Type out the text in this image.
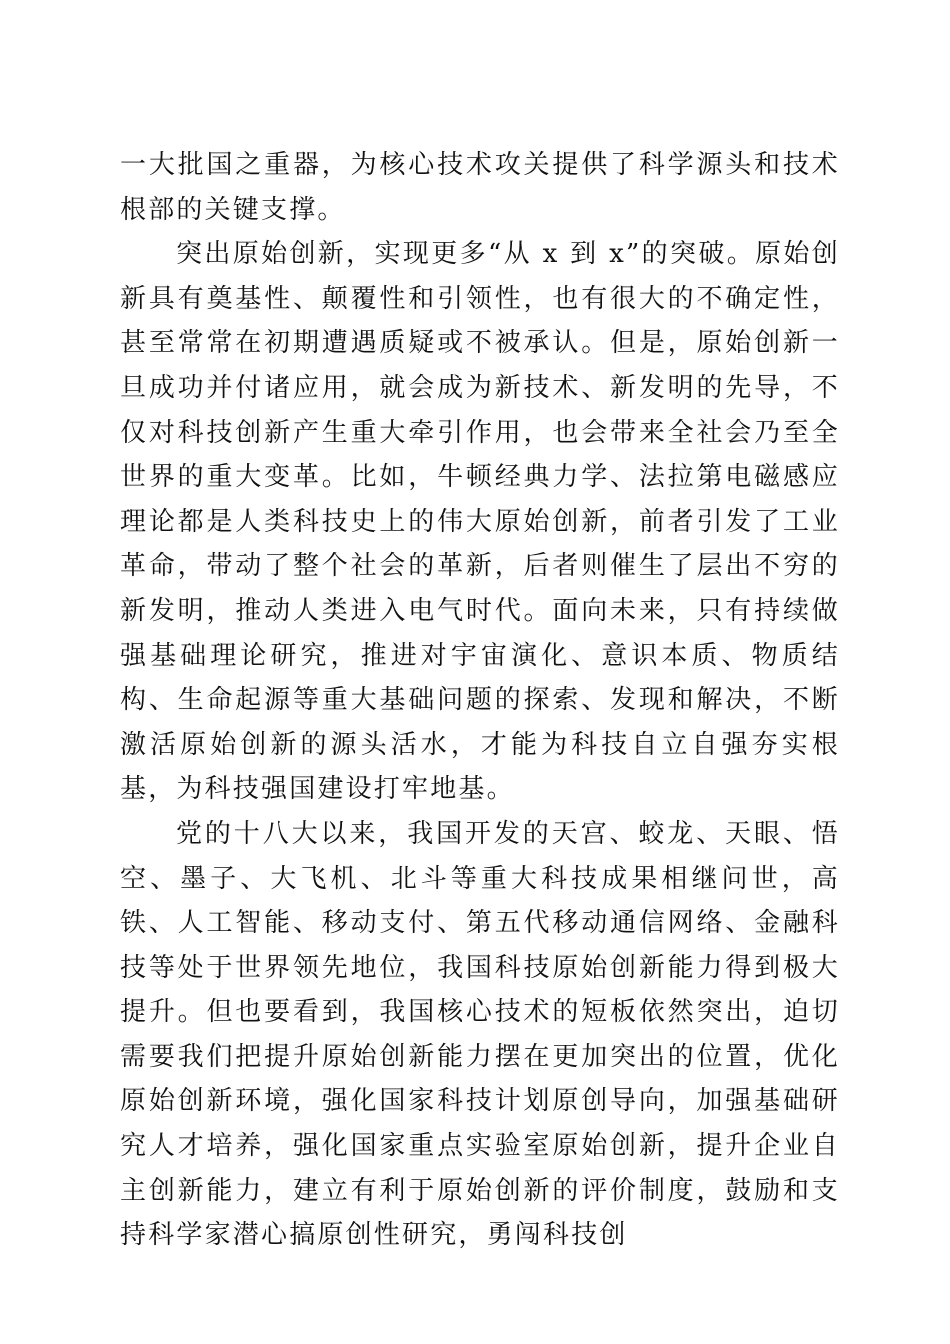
一大批国之重器，为核心技术攻关提供了科学源头和技术根部的关键支撑。

突出原始创新，实现更多“从 x 到 x”的突破。原始创新具有奠基性、颠覆性和引领性，也有很大的不确定性，甚至常常在初期遭遇质疑或不被承认。但是，原始创新一旦成功并付诸应用，就会成为新技术、新发明的先导，不仅对科技创新产生重大牵引作用，也会带来全社会乃至全世界的重大变革。比如，牛顿经典力学、法拉第电磁感应理论都是人类科技史上的伟大原始创新，前者引发了工业革命，带动了整个社会的革新，后者则催生了层出不穷的新发明，推动人类进入电气时代。面向未来，只有持续做强基础理论研究，推进对宇宙演化、意识本质、物质结构、生命起源等重大基础问题的探索、发现和解决，不断激活原始创新的源头活水，才能为科技自立自强夯实根基，为科技强国建设打牢地基。

党的十八大以来，我国开发的天宫、蛟龙、天眼、悟空、墨子、大飞机、北斗等重大科技成果相继问世，高铁、人工智能、移动支付、第五代移动通信网络、金融科技等处于世界领先地位，我国科技原始创新能力得到极大提升。但也要看到，我国核心技术的短板依然突出，迫切需要我们把提升原始创新能力摆在更加突出的位置，优化原始创新环境，强化国家科技计划原创导向，加强基础研究人才培养，强化国家重点实验室原始创新，提升企业自主创新能力，建立有利于原始创新的评价制度，鼓励和支持科学家潜心搞原创性研究，勇闯科技创
